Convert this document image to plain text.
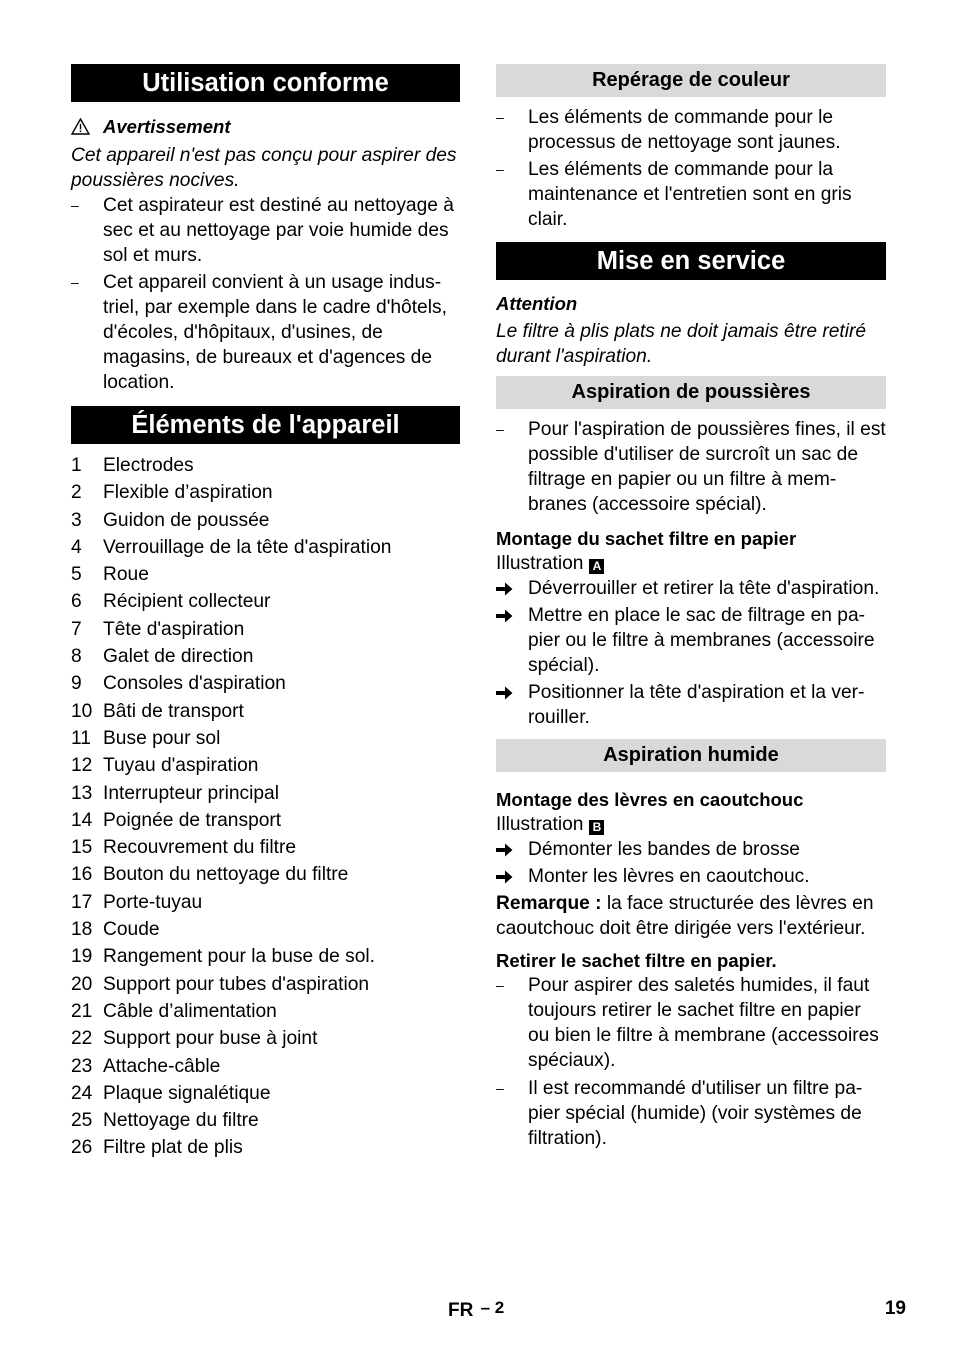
Utilisation conforme
Avertissement

Cet appareil n'est pas conçu pour aspirer des poussières nocives.

–	Cet aspirateur est destiné au nettoyage à sec et au nettoyage par voie humide des sol et murs.
–	Cet appareil convient à un usage industriel, par exemple dans le cadre d'hôtels, d'écoles, d'hôpitaux, d'usines, de magasins, de bureaux et d'agences de location.
Éléments de l'appareil
1	Electrodes
2	Flexible d’aspiration
3	Guidon de poussée
4	Verrouillage de la tête d'aspiration
5	Roue
6	Récipient collecteur
7	Tête d'aspiration
8	Galet de direction
9	Consoles d'aspiration
10 Bâti de transport
11 Buse pour sol
12 Tuyau d'aspiration
13 Interrupteur principal
14 Poignée de transport
15 Recouvrement du filtre
16 Bouton du nettoyage du filtre
17 Porte-tuyau
18 Coude
19 Rangement pour la buse de sol.
20 Support pour tubes d'aspiration
21 Câble d’alimentation
22 Support pour buse à joint
23 Attache-câble
24 Plaque signalétique
25 Nettoyage du filtre
26 Filtre plat de plis
Repérage de couleur
–	Les éléments de commande pour le processus de nettoyage sont jaunes.
–	Les éléments de commande pour la maintenance et l'entretien sont en gris clair.
Mise en service

Attention

Le filtre à plis plats ne doit jamais être retiré durant l'aspiration.

Aspiration de poussières
–	Pour l'aspiration de poussières fines, il est possible d'utiliser de surcroît un sac de filtrage en papier ou un filtre à membranes (accessoire spécial).

Montage du sachet filtre en papier

Illustration A

Déverrouiller et retirer la tête d'aspiration.
Mettre en place le sac de filtrage en papier ou le filtre à membranes (accessoire spécial).
Positionner la tête d'aspiration et la verrouiller.
Aspiration humide

Montage des lèvres en caoutchouc

Illustration B

Démonter les bandes de brosse
Monter les lèvres en caoutchouc.

Remarque : la face structurée des lèvres en caoutchouc doit être dirigée vers l'extérieur.

Retirer le sachet filtre en papier.

–	Pour aspirer des saletés humides, il faut toujours retirer le sachet filtre en papier ou bien le filtre à membrane (accessoires spéciaux).
–	Il est recommandé d'utiliser un filtre papier spécial (humide) (voir systèmes de filtration).
FR – 2	19
